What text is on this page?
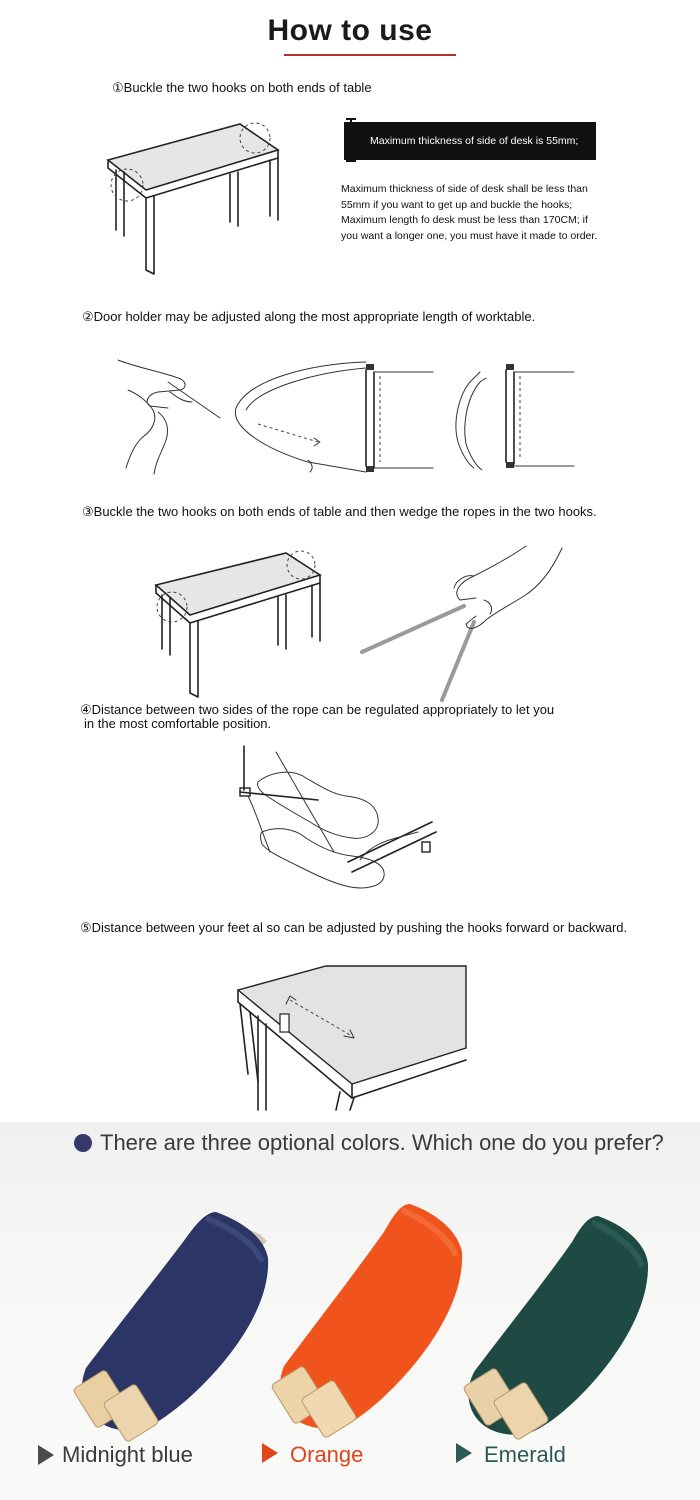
How to use
①Buckle the two hooks on both ends of table
Maximum thickness of side of desk is 55mm;
Maximum thickness of side of desk shall be less than 55mm if you want to get up and buckle the hooks; Maximum length fo desk must be less than 170CM; if you want a longer one, you must have it made to order.
②Door holder may be adjusted along the most appropriate length of worktable.
③Buckle the two hooks on both ends of table and then wedge the ropes in the two hooks.
④Distance between two sides of the rope can be regulated appropriately to let you
in the most comfortable position.
⑤Distance between your feet al so can be adjusted by pushing the hooks forward or backward.
There are three optional colors. Which one do you prefer?
Midnight blue	Orange	Emerald
